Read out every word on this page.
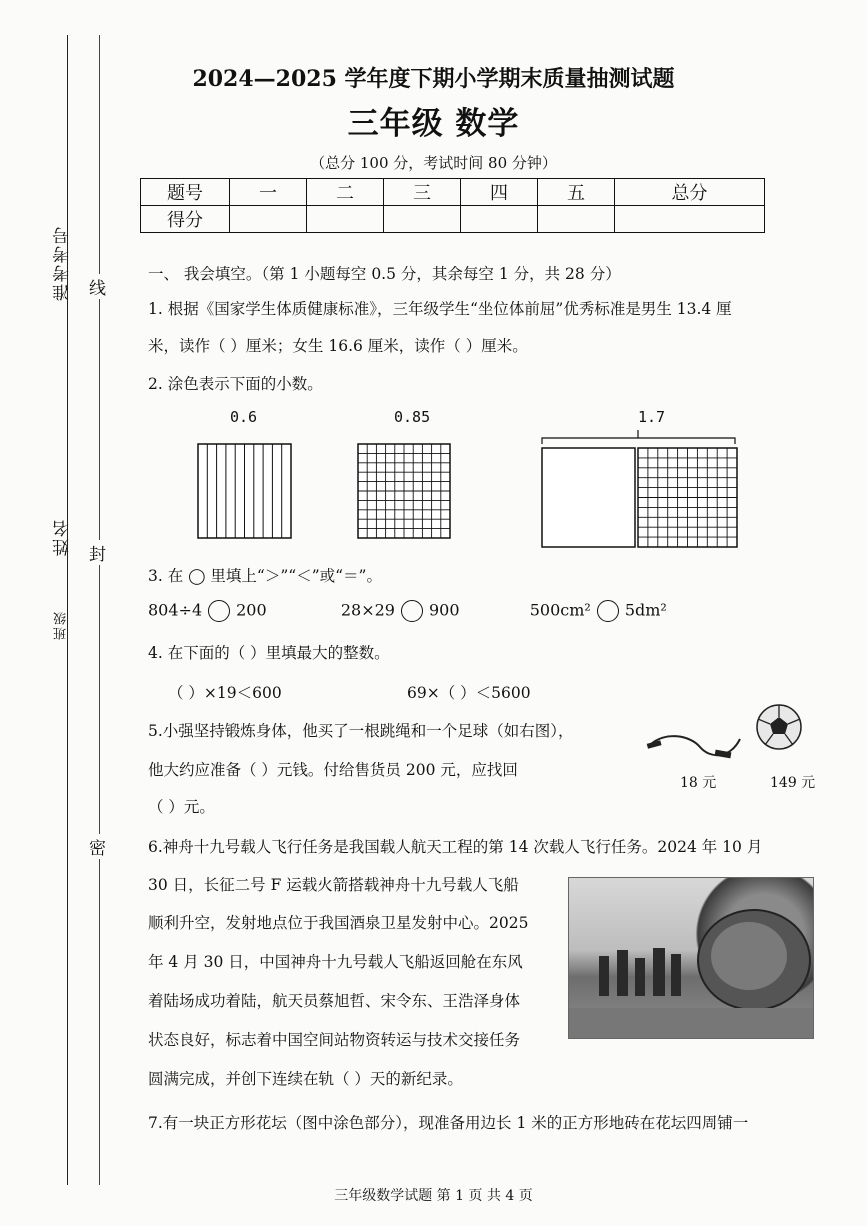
准考考号
姓名
班级
线
封
密
2024—2025 学年度下期小学期末质量抽测试题
三年级 数学
（总分 100 分，考试时间 80 分钟）
题号	一	二	三	四	五	总分
得分						
一、 我会填空。（第 1 小题每空 0.5 分，其余每空 1 分，共 28 分）
1. 根据《国家学生体质健康标准》，三年级学生“坐位体前屈”优秀标准是男生 13.4 厘
米，读作（ ）厘米；女生 16.6 厘米，读作（ ）厘米。
2. 涂色表示下面的小数。
0.6	0.85	1.7
3. 在 ◯ 里填上“＞”“＜”或“＝”。
804÷4 200	28×29 900	500cm² 5dm²
4. 在下面的（ ）里填最大的整数。
（ ）×19＜600	69×（ ）＜5600
5.小强坚持锻炼身体，他买了一根跳绳和一个足球（如右图），
他大约应准备（ ）元钱。付给售货员 200 元，应找回
（ ）元。
18 元	149 元
6.神舟十九号载人飞行任务是我国载人航天工程的第 14 次载人飞行任务。2024 年 10 月
30 日，长征二号 F 运载火箭搭载神舟十九号载人飞船
顺利升空，发射地点位于我国酒泉卫星发射中心。2025
年 4 月 30 日，中国神舟十九号载人飞船返回舱在东风
着陆场成功着陆，航天员蔡旭哲、宋令东、王浩泽身体
状态良好，标志着中国空间站物资转运与技术交接任务
圆满完成，并创下连续在轨（ ）天的新纪录。
7.有一块正方形花坛（图中涂色部分），现准备用边长 1 米的正方形地砖在花坛四周铺一
三年级数学试题 第 1 页 共 4 页
